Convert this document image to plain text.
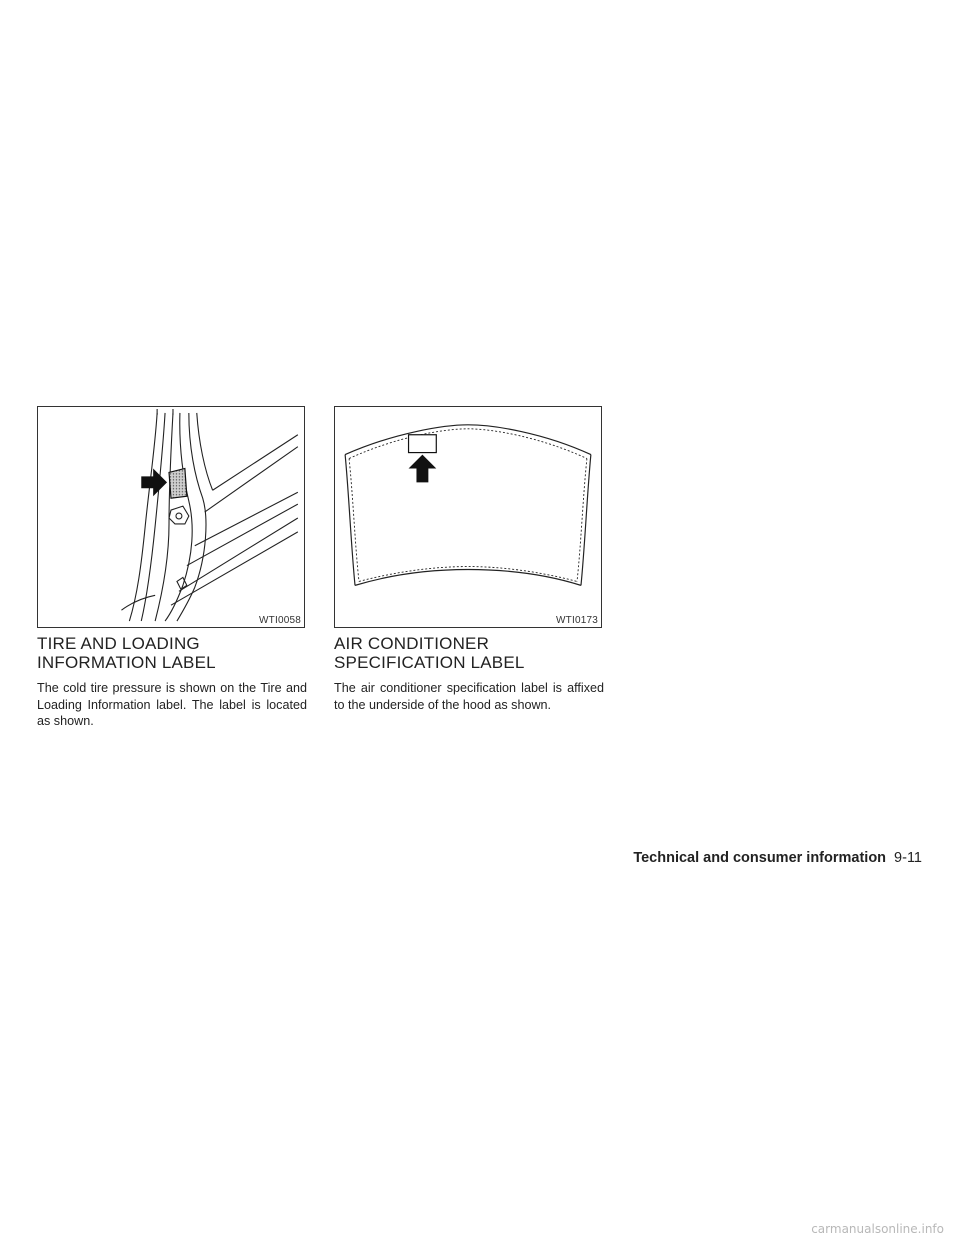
WTI0058	WTI0173
TIRE AND LOADING INFORMATION LABEL

The cold tire pressure is shown on the Tire and Loading Information label. The label is located as shown.

AIR CONDITIONER SPECIFICATION LABEL

The air conditioner specification label is affixed to the underside of the hood as shown.

Technical and consumer information 9-11
carmanualsonline.info
